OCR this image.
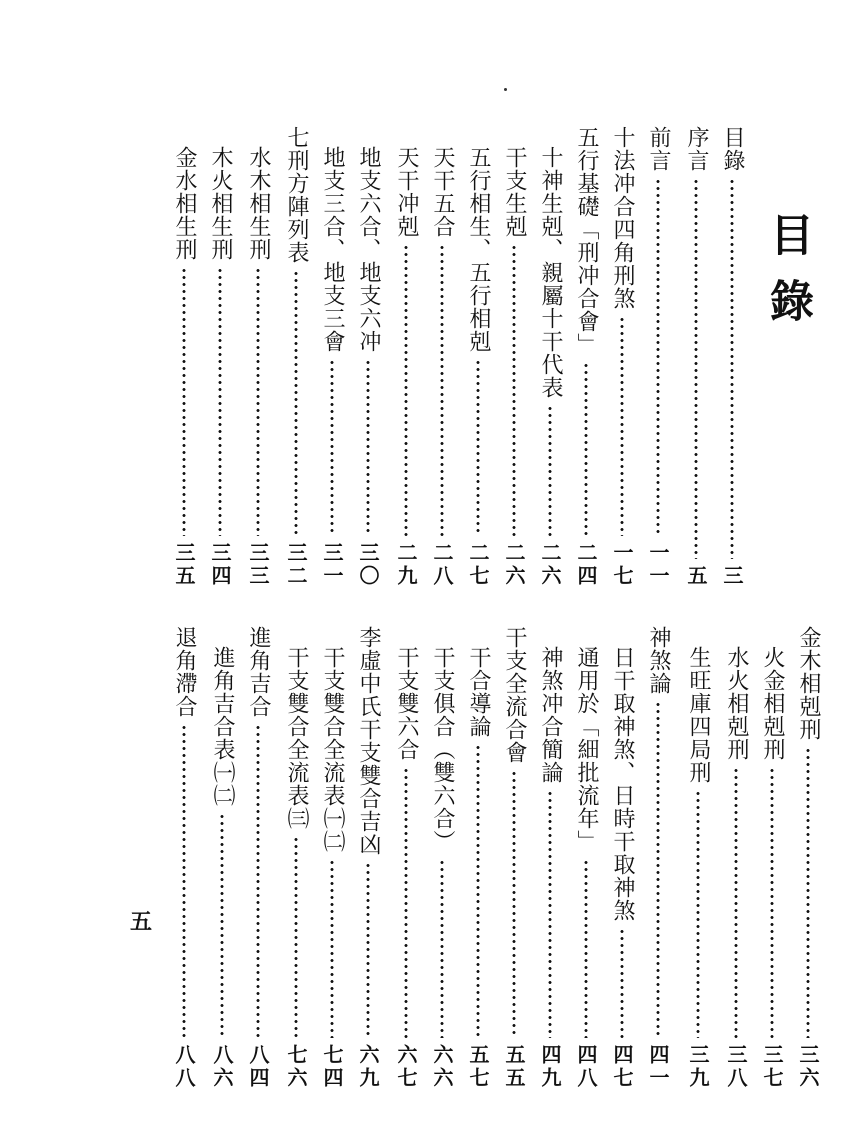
目錄
目錄
三
序言
五
前言
一一
十法冲合四角刑煞
一七
五行基礎「刑冲合會」
二四
十神生剋、親屬十干代表
二六
干支生剋
二六
五行相生、五行相剋
二七
天干五合
二八
天干冲剋
二九
地支六合、地支六冲
三〇
地支三合、地支三會
三一
七刑方陣列表
三二
水木相生刑
三三
木火相生刑
三四
金水相生刑
三五
金木相剋刑
三六
火金相剋刑
三七
水火相剋刑
三八
生旺庫四局刑
三九
神煞論
四一
日干取神煞、日時干取神煞
四七
通用於「細批流年」
四八
神煞冲合簡論
四九
干支全流合會
五五
干合導論
五七
干支俱合（雙六合）
六六
干支雙六合
六七
李虛中氏干支雙合吉凶
六九
干支雙合全流表㈠㈡
七四
干支雙合全流表㈢
七六
進角吉合
八四
進角吉合表㈠㈡
八六
退角滯合
八八
五
